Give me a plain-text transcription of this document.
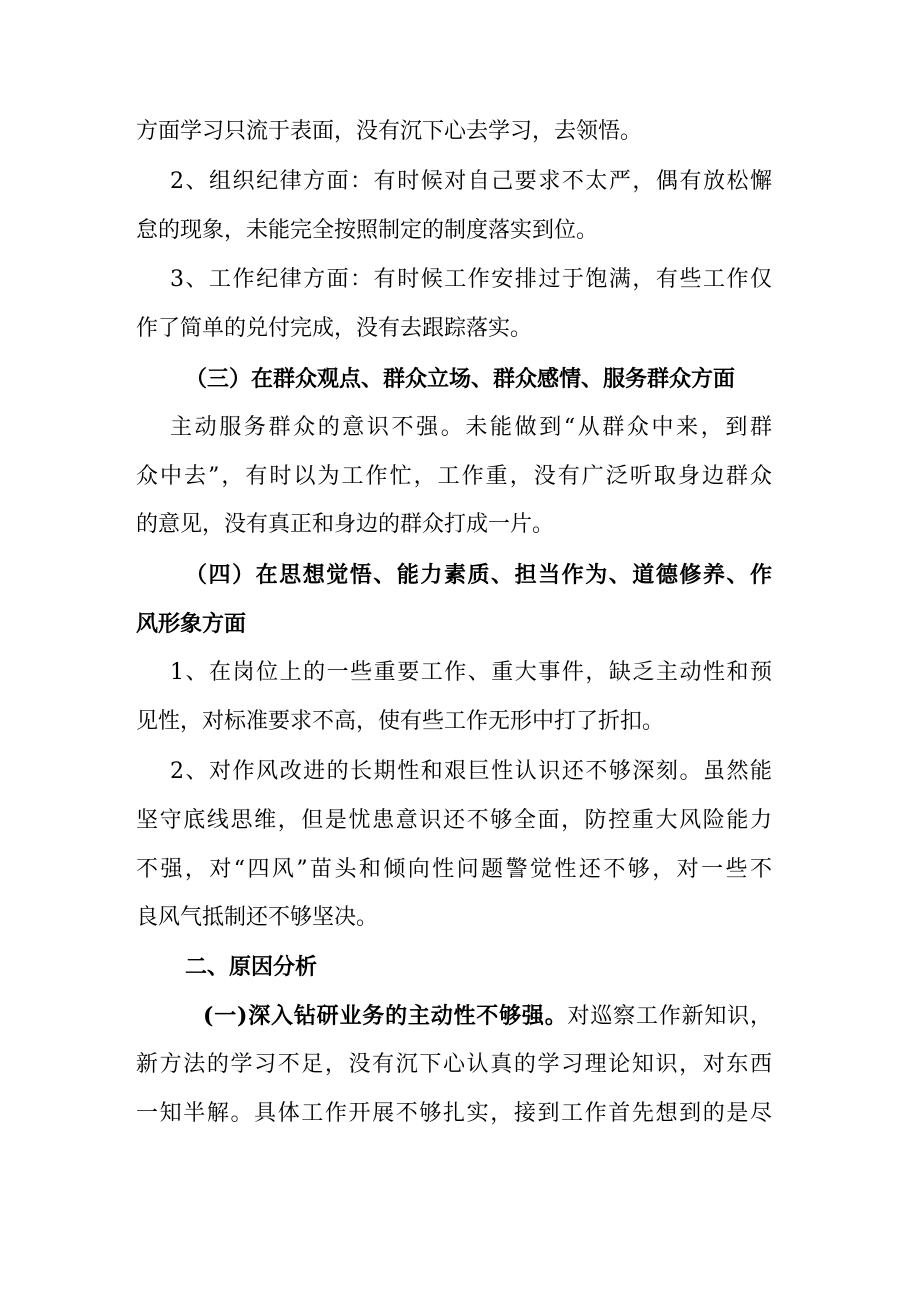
方面学习只流于表面，没有沉下心去学习，去领悟。
2、组织纪律方面：有时候对自己要求不太严，偶有放松懈
怠的现象，未能完全按照制定的制度落实到位。
3、工作纪律方面：有时候工作安排过于饱满，有些工作仅
作了简单的兑付完成，没有去跟踪落实。
（三）在群众观点、群众立场、群众感情、服务群众方面
主动服务群众的意识不强。未能做到“从群众中来，到群
众中去”，有时以为工作忙，工作重，没有广泛听取身边群众
的意见，没有真正和身边的群众打成一片。
（四）在思想觉悟、能力素质、担当作为、道德修养、作
风形象方面
1、在岗位上的一些重要工作、重大事件，缺乏主动性和预
见性，对标准要求不高，使有些工作无形中打了折扣。
2、对作风改进的长期性和艰巨性认识还不够深刻。虽然能
坚守底线思维，但是忧患意识还不够全面，防控重大风险能力
不强，对“四风”苗头和倾向性问题警觉性还不够，对一些不
良风气抵制还不够坚决。
二、原因分析
(一)深入钻研业务的主动性不够强。对巡察工作新知识，
新方法的学习不足，没有沉下心认真的学习理论知识，对东西
一知半解。具体工作开展不够扎实，接到工作首先想到的是尽
